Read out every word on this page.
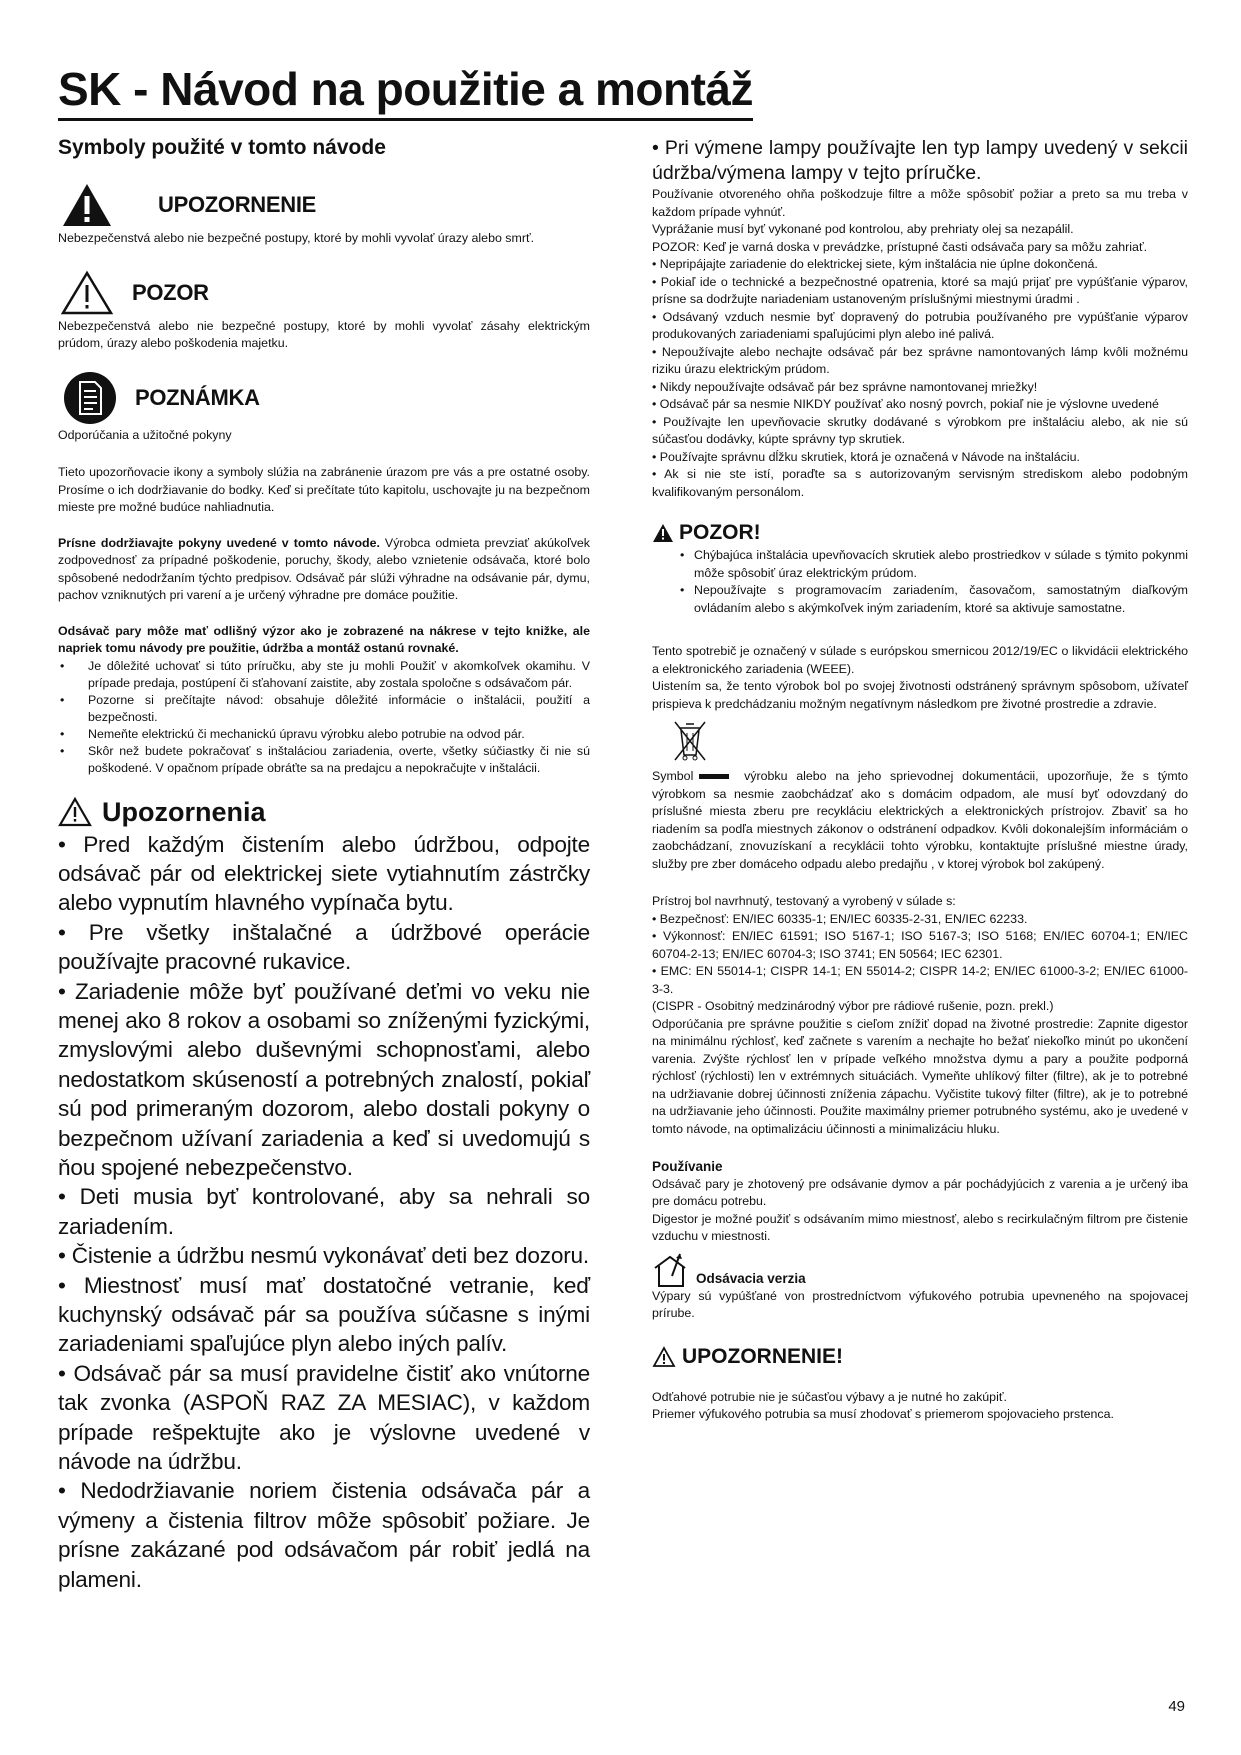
SK - Návod na použitie a montáž
Symboly použité v tomto návode
UPOZORNENIE

Nebezpečenstvá alebo nie bezpečné postupy, ktoré by mohli vyvolať úrazy alebo smrť.

POZOR

Nebezpečenstvá alebo nie bezpečné postupy, ktoré by mohli vyvolať zásahy elektrickým prúdom, úrazy alebo poškodenia majetku.

POZNÁMKA

Odporúčania a užitočné pokyny

Tieto upozorňovacie ikony a symboly slúžia na zabránenie úrazom pre vás a pre ostatné osoby. Prosíme o ich dodržiavanie do bodky. Keď si prečítate túto kapitolu, uschovajte ju na bezpečnom mieste pre možné budúce nahliadnutia.

Prísne dodržiavajte pokyny uvedené v tomto návode. Výrobca odmieta prevziať akúkoľvek zodpovednosť za prípadné poškodenie, poruchy, škody, alebo vznietenie odsávača, ktoré bolo spôsobené nedodržaním týchto predpisov. Odsávač pár slúži výhradne na odsávanie pár, dymu, pachov vzniknutých pri varení a je určený výhradne pre domáce použitie.

Odsávač pary môže mať odlišný výzor ako je zobrazené na nákrese v tejto knižke, ale napriek tomu návody pre použitie, údržba a montáž ostanú rovnaké.

• Je dôležité uchovať si túto príručku, aby ste ju mohli Použiť v akomkoľvek okamihu. V prípade predaja, postúpení či sťahovaní zaistite, aby zostala spoločne s odsávačom pár.
• Pozorne si prečítajte návod: obsahuje dôležité informácie o inštalácii, použití a bezpečnosti.
• Nemeňte elektrickú či mechanickú úpravu výrobku alebo potrubie na odvod pár.
• Skôr než budete pokračovať s inštaláciou zariadenia, overte, všetky súčiastky či nie sú poškodené. V opačnom prípade obráťte sa na predajcu a nepokračujte v inštalácii.
Upozornenia

• Pred každým čistením alebo údržbou, odpojte odsávač pár od elektrickej siete vytiahnutím zástrčky alebo vypnutím hlavného vypínača bytu.

• Pre všetky inštalačné a údržbové operácie používajte pracovné rukavice.

• Zariadenie môže byť používané deťmi vo veku nie menej ako 8 rokov a osobami so zníženými fyzickými, zmyslovými alebo duševnými schopnosťami, alebo nedostatkom skúseností a potrebných znalostí, pokiaľ sú pod primeraným dozorom, alebo dostali pokyny o bezpečnom užívaní zariadenia a keď si uvedomujú s ňou spojené nebezpečenstvo.

• Deti musia byť kontrolované, aby sa nehrali so zariadením.

• Čistenie a údržbu nesmú vykonávať deti bez dozoru.

• Miestnosť musí mať dostatočné vetranie, keď kuchynský odsávač pár sa používa súčasne s inými zariadeniami spaľujúce plyn alebo iných palív.

• Odsávač pár sa musí pravidelne čistiť ako vnútorne tak zvonka (ASPOŇ RAZ ZA MESIAC), v každom prípade rešpektujte ako je výslovne uvedené v návode na údržbu.

• Nedodržiavanie noriem čistenia odsávača pár a výmeny a čistenia filtrov môže spôsobiť požiare. Je prísne zakázané pod odsávačom pár robiť jedlá na plameni.

• Pri výmene lampy používajte len typ lampy uvedený v sekcii údržba/výmena lampy v tejto príručke.

Používanie otvoreného ohňa poškodzuje filtre a môže spôsobiť požiar a preto sa mu treba v každom prípade vyhnúť.

Vyprážanie musí byť vykonané pod kontrolou, aby prehriaty olej sa nezapálil.

POZOR: Keď je varná doska v prevádzke, prístupné časti odsávača pary sa môžu zahriať.

• Nepripájajte zariadenie do elektrickej siete, kým inštalácia nie úplne dokončená.

• Pokiaľ ide o technické a bezpečnostné opatrenia, ktoré sa majú prijať pre vypúšťanie výparov, prísne sa dodržujte nariadeniam ustanoveným príslušnými miestnymi úradmi .

• Odsávaný vzduch nesmie byť dopravený do potrubia používaného pre vypúšťanie výparov produkovaných zariadeniami spaľujúcimi plyn alebo iné palivá.

• Nepoužívajte alebo nechajte odsávač pár bez správne namontovaných lámp kvôli možnému riziku úrazu elektrickým prúdom.

• Nikdy nepoužívajte odsávač pár bez správne namontovanej mriežky!

• Odsávač pár sa nesmie NIKDY používať ako nosný povrch, pokiaľ nie je výslovne uvedené

• Používajte len upevňovacie skrutky dodávané s výrobkom pre inštaláciu alebo, ak nie sú súčasťou dodávky, kúpte správny typ skrutiek.

• Používajte správnu dĺžku skrutiek, ktorá je označená v Návode na inštaláciu.

• Ak si nie ste istí, poraďte sa s autorizovaným servisným strediskom alebo podobným kvalifikovaným personálom.

POZOR!
• Chýbajúca inštalácia upevňovacích skrutiek alebo prostriedkov v súlade s týmito pokynmi môže spôsobiť úraz elektrickým prúdom.
• Nepoužívajte s programovacím zariadením, časovačom, samostatným diaľkovým ovládaním alebo s akýmkoľvek iným zariadením, ktoré sa aktivuje samostatne.

Tento spotrebič je označený v súlade s európskou smernicou 2012/19/EC o likvidácii elektrického a elektronického zariadenia (WEEE).

Uistením sa, že tento výrobok bol po svojej životnosti odstránený správnym spôsobom, užívateľ prispieva k predchádzaniu možným negatívnym následkom pre životné prostredie a zdravie.

Symbol	výrobku alebo na jeho sprievodnej dokumentácii, upozorňuje, že s týmto výrobkom sa nesmie zaobchádzať ako s domácim odpadom, ale musí byť odovzdaný do príslušné miesta zberu pre recykláciu elektrických a elektronických prístrojov. Zbaviť sa ho riadením sa podľa miestnych zákonov o odstránení odpadkov. Kvôli dokonalejším informáciám o zaobchádzaní, znovuzískaní a recyklácii tohto výrobku, kontaktujte príslušné miestne úrady, služby pre zber domáceho odpadu alebo predajňu , v ktorej výrobok bol zakúpený.

Prístroj bol navrhnutý, testovaný a vyrobený v súlade s:

• Bezpečnosť: EN/IEC 60335-1; EN/IEC 60335-2-31, EN/IEC 62233.

• Výkonnosť: EN/IEC 61591; ISO 5167-1; ISO 5167-3; ISO 5168; EN/IEC 60704-1; EN/IEC 60704-2-13; EN/IEC 60704-3; ISO 3741; EN 50564; IEC 62301.

• EMC: EN 55014-1; CISPR 14-1; EN 55014-2; CISPR 14-2; EN/IEC 61000-3-2; EN/IEC 61000-3-3.

(CISPR - Osobitný medzinárodný výbor pre rádiové rušenie, pozn. prekl.)

Odporúčania pre správne použitie s cieľom znížiť dopad na životné prostredie: Zapnite digestor na minimálnu rýchlosť, keď začnete s varením a nechajte ho bežať niekoľko minút po ukončení varenia. Zvýšte rýchlosť len v prípade veľkého množstva dymu a pary a použite podporná rýchlosť (rýchlosti) len v extrémnych situáciách. Vymeňte uhlíkový filter (filtre), ak je to potrebné na udržiavanie dobrej účinnosti zníženia zápachu. Vyčistite tukový filter (filtre), ak je to potrebné na udržiavanie jeho účinnosti. Použite maximálny priemer potrubného systému, ako je uvedené v tomto návode, na optimalizáciu účinnosti a minimalizáciu hluku.

Používanie

Odsávač pary je zhotovený pre odsávanie dymov a pár pochádyjúcich z varenia a je určený iba pre domácu potrebu.

Digestor je možné použiť s odsávaním mimo miestnosť, alebo s recirkulačným filtrom pre čistenie vzduchu v miestnosti.

Odsávacia verzia

Výpary sú vypúšťané von prostredníctvom výfukového potrubia upevneného na spojovacej prírube.

UPOZORNENIE!

Odťahové potrubie nie je súčasťou výbavy a je nutné ho zakúpiť.

Priemer výfukového potrubia sa musí zhodovať s priemerom spojovacieho prstenca.

49
